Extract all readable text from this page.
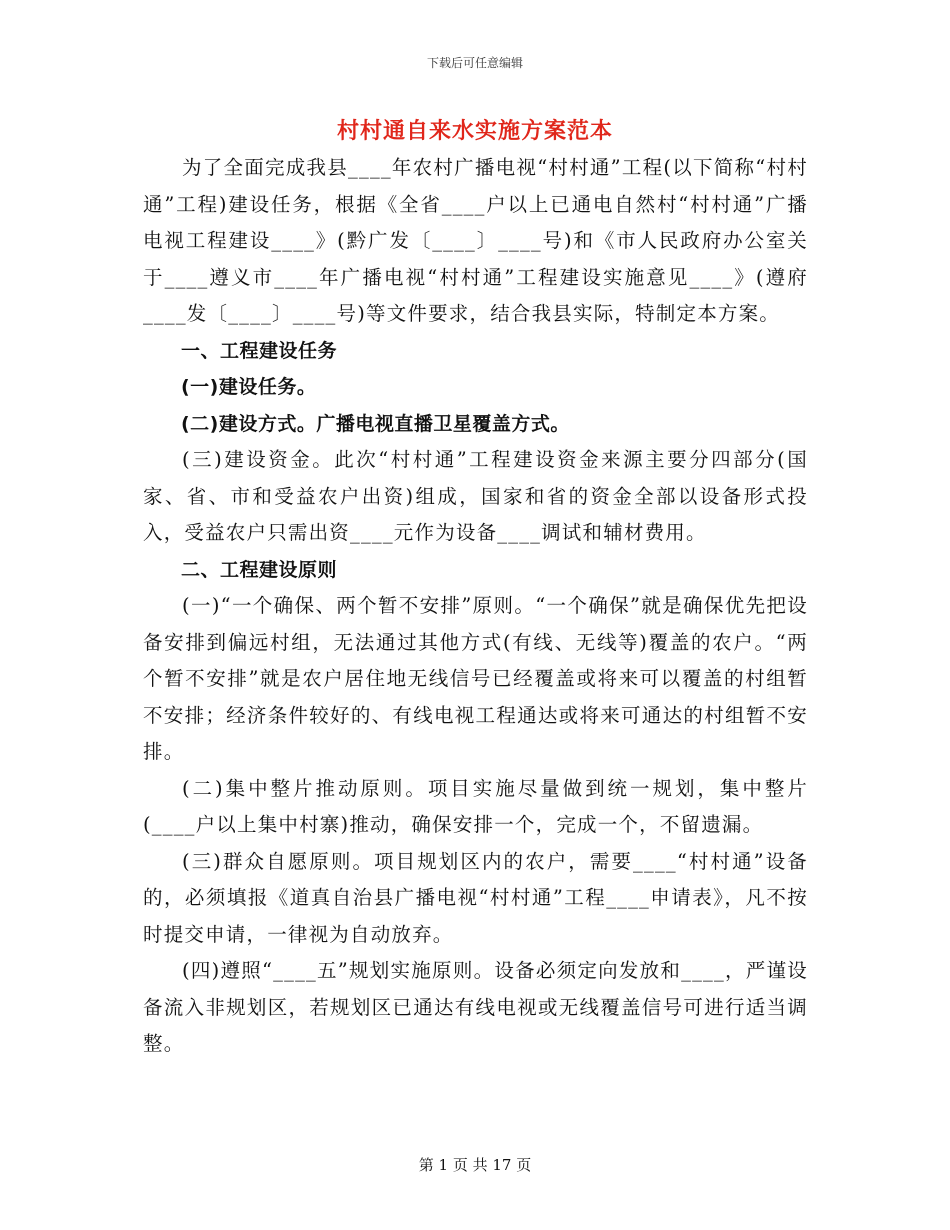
下载后可任意编辑
村村通自来水实施方案范本

为了全面完成我县____年农村广播电视“村村通”工程(以下简称“村村通”工程)建设任务，根据《全省____户以上已通电自然村“村村通”广播电视工程建设____》(黔广发〔____〕____号)和《市人民政府办公室关于____遵义市____年广播电视“村村通”工程建设实施意见____》(遵府____发〔____〕____号)等文件要求，结合我县实际，特制定本方案。

一、工程建设任务

(一)建设任务。

(二)建设方式。广播电视直播卫星覆盖方式。

(三)建设资金。此次“村村通”工程建设资金来源主要分四部分(国家、省、市和受益农户出资)组成，国家和省的资金全部以设备形式投入，受益农户只需出资____元作为设备____调试和辅材费用。

二、工程建设原则

(一)“一个确保、两个暂不安排”原则。“一个确保”就是确保优先把设备安排到偏远村组，无法通过其他方式(有线、无线等)覆盖的农户。“两个暂不安排”就是农户居住地无线信号已经覆盖或将来可以覆盖的村组暂不安排；经济条件较好的、有线电视工程通达或将来可通达的村组暂不安排。

(二)集中整片推动原则。项目实施尽量做到统一规划，集中整片(____户以上集中村寨)推动，确保安排一个，完成一个，不留遗漏。

(三)群众自愿原则。项目规划区内的农户，需要____“村村通”设备的，必须填报《道真自治县广播电视“村村通”工程____申请表》，凡不按时提交申请，一律视为自动放弃。

(四)遵照“____五”规划实施原则。设备必须定向发放和____，严谨设备流入非规划区，若规划区已通达有线电视或无线覆盖信号可进行适当调整。

第 1 页 共 17 页
